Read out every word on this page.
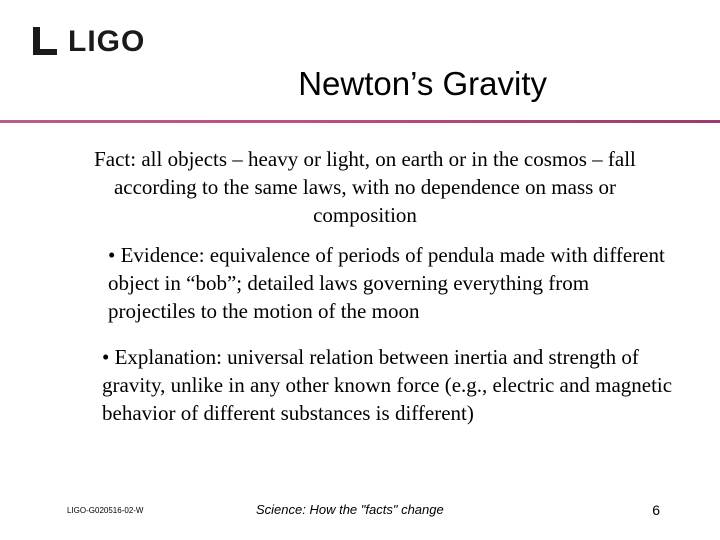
LIGO
Newton’s Gravity
Fact: all objects – heavy or light, on earth or in the cosmos – fall according to the same laws, with no dependence on mass or composition
• Evidence: equivalence of periods of pendula made with different object in “bob”; detailed laws governing everything from projectiles to the motion of the moon
• Explanation: universal relation between inertia and strength of gravity, unlike in any other known force (e.g., electric and magnetic behavior of different substances is different)
LIGO-G020516-02-W	Science: How the "facts" change	6
